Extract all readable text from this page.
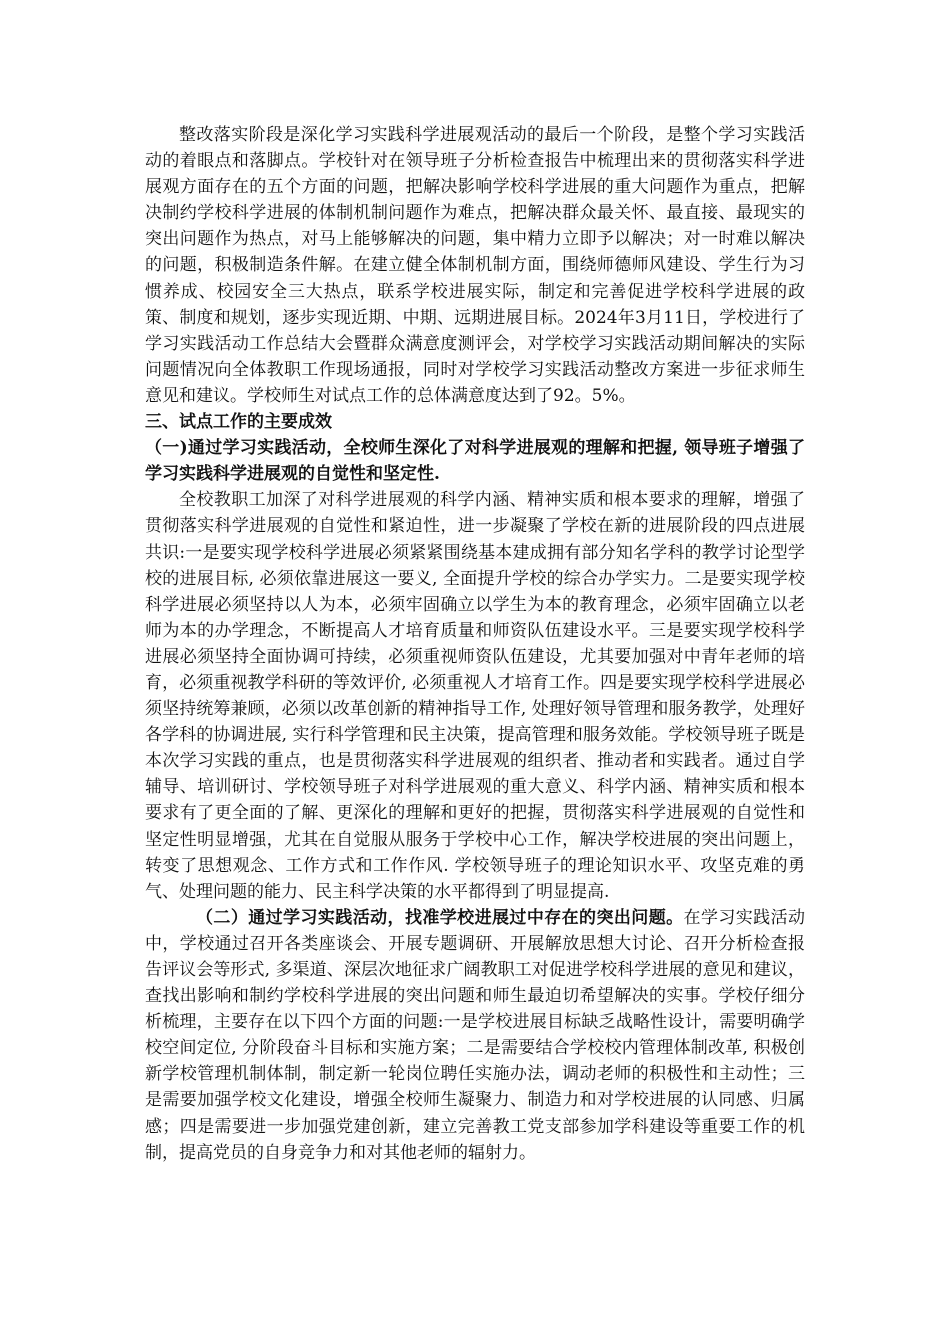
整改落实阶段是深化学习实践科学进展观活动的最后一个阶段，是整个学习实践活动的着眼点和落脚点。学校针对在领导班子分析检查报告中梳理出来的贯彻落实科学进展观方面存在的五个方面的问题，把解决影响学校科学进展的重大问题作为重点，把解决制约学校科学进展的体制机制问题作为难点，把解决群众最关怀、最直接、最现实的突出问题作为热点，对马上能够解决的问题，集中精力立即予以解决；对一时难以解决的问题，积极制造条件解。在建立健全体制机制方面，围绕师德师风建设、学生行为习惯养成、校园安全三大热点，联系学校进展实际，制定和完善促进学校科学进展的政策、制度和规划，逐步实现近期、中期、远期进展目标。2024年3月11日，学校进行了学习实践活动工作总结大会暨群众满意度测评会，对学校学习实践活动期间解决的实际问题情况向全体教职工作现场通报，同时对学校学习实践活动整改方案进一步征求师生意见和建议。学校师生对试点工作的总体满意度达到了92。5%。

三、试点工作的主要成效

（一)通过学习实践活动，全校师生深化了对科学进展观的理解和把握, 领导班子增强了学习实践科学进展观的自觉性和坚定性.

全校教职工加深了对科学进展观的科学内涵、精神实质和根本要求的理解，增强了贯彻落实科学进展观的自觉性和紧迫性，进一步凝聚了学校在新的进展阶段的四点进展共识:一是要实现学校科学进展必须紧紧围绕基本建成拥有部分知名学科的教学讨论型学校的进展目标, 必须依靠进展这一要义, 全面提升学校的综合办学实力。二是要实现学校科学进展必须坚持以人为本，必须牢固确立以学生为本的教育理念，必须牢固确立以老师为本的办学理念，不断提高人才培育质量和师资队伍建设水平。三是要实现学校科学进展必须坚持全面协调可持续，必须重视师资队伍建设，尤其要加强对中青年老师的培育，必须重视教学科研的等效评价, 必须重视人才培育工作。四是要实现学校科学进展必须坚持统筹兼顾，必须以改革创新的精神指导工作, 处理好领导管理和服务教学，处理好各学科的协调进展, 实行科学管理和民主决策，提高管理和服务效能。学校领导班子既是本次学习实践的重点，也是贯彻落实科学进展观的组织者、推动者和实践者。通过自学辅导、培训研讨、学校领导班子对科学进展观的重大意义、科学内涵、精神实质和根本要求有了更全面的了解、更深化的理解和更好的把握，贯彻落实科学进展观的自觉性和坚定性明显增强，尤其在自觉服从服务于学校中心工作，解决学校进展的突出问题上，转变了思想观念、工作方式和工作作风. 学校领导班子的理论知识水平、攻坚克难的勇气、处理问题的能力、民主科学决策的水平都得到了明显提高.

（二）通过学习实践活动，找准学校进展过中存在的突出问题。在学习实践活动中，学校通过召开各类座谈会、开展专题调研、开展解放思想大讨论、召开分析检查报告评议会等形式, 多渠道、深层次地征求广阔教职工对促进学校科学进展的意见和建议，查找出影响和制约学校科学进展的突出问题和师生最迫切希望解决的实事。学校仔细分析梳理，主要存在以下四个方面的问题:一是学校进展目标缺乏战略性设计，需要明确学校空间定位, 分阶段奋斗目标和实施方案；二是需要结合学校校内管理体制改革, 积极创新学校管理机制体制，制定新一轮岗位聘任实施办法，调动老师的积极性和主动性；三是需要加强学校文化建设，增强全校师生凝聚力、制造力和对学校进展的认同感、归属感；四是需要进一步加强党建创新，建立完善教工党支部参加学科建设等重要工作的机制，提高党员的自身竞争力和对其他老师的辐射力。
